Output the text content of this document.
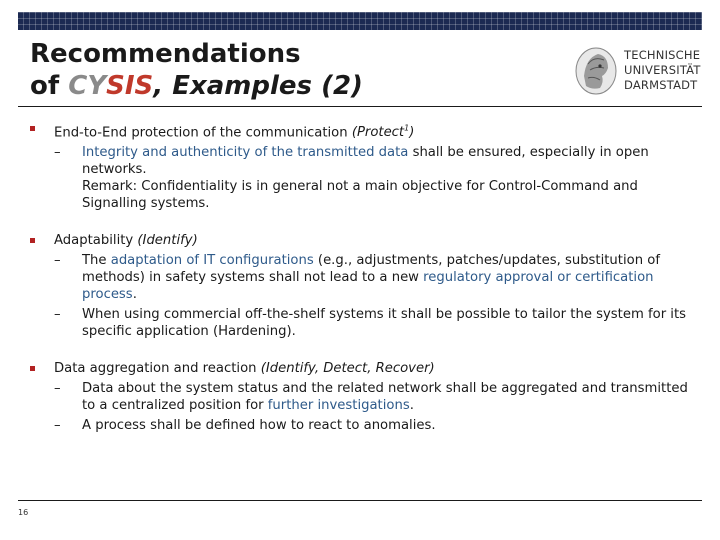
Recommendations
of CYSIS, Examples (2)
TECHNISCHE
UNIVERSITÄT
DARMSTADT
End-to-End protection of the communication (Protect$^1$)
– Integrity and authenticity of the transmitted data shall be ensured, especially in open networks.
Remark: Confidentiality is in general not a main objective for Control-Command and Signalling systems.
Adaptability (Identify)
– The adaptation of IT configurations (e.g., adjustments, patches/updates, substitution of methods) in safety systems shall not lead to a new regulatory approval or certification process.
– When using commercial off-the-shelf systems it shall be possible to tailor the system for its specific application (Hardening).
Data aggregation and reaction (Identify, Detect, Recover)
– Data about the system status and the related network shall be aggregated and transmitted to a centralized position for further investigations.
– A process shall be defined how to react to anomalies.
16
